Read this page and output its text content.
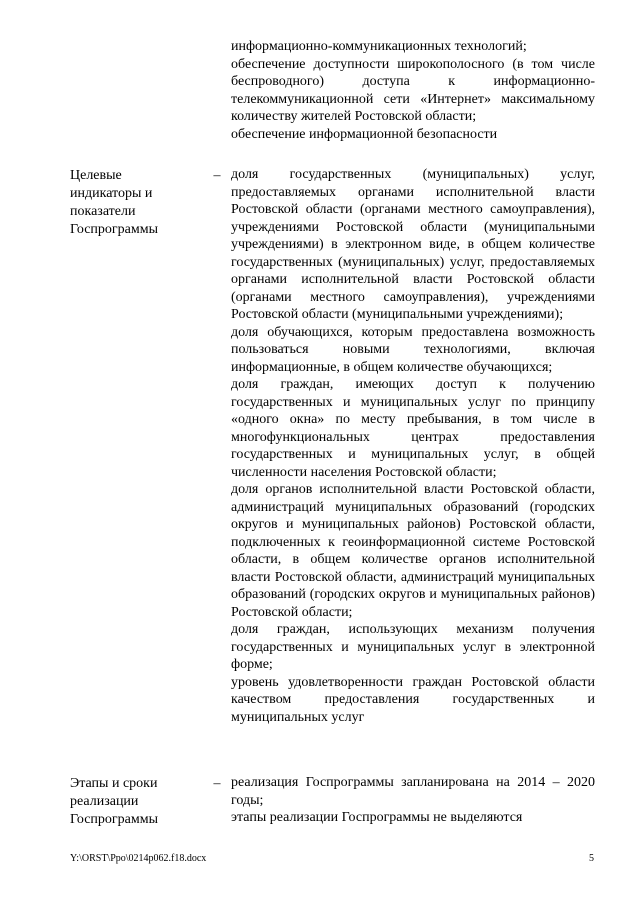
информационно-коммуникационных технологий;

обеспечение доступности широкополосного (в том числе беспроводного) доступа к информационно-телекоммуникационной сети «Интернет» максимальному количеству жителей Ростовской области;

обеспечение информационной безопасности

Целевые
индикаторы и
показатели
Госпрограммы
– доля государственных (муниципальных) услуг, предоставляемых органами исполнительной власти Ростовской области (органами местного самоуправления), учреждениями Ростовской области (муниципальными учреждениями) в электронном виде, в общем количестве государственных (муниципальных) услуг, предоставляемых органами исполнительной власти Ростовской области (органами местного самоуправления), учреждениями Ростовской области (муниципальными учреждениями);

доля обучающихся, которым предоставлена возможность пользоваться новыми технологиями, включая информационные, в общем количестве обучающихся;

доля граждан, имеющих доступ к получению государственных и муниципальных услуг по принципу «одного окна» по месту пребывания, в том числе в многофункциональных центрах предоставления государственных и муниципальных услуг, в общей численности населения Ростовской области;

доля органов исполнительной власти Ростовской области, администраций муниципальных образований (городских округов и муниципальных районов) Ростовской области, подключенных к геоинформационной системе Ростовской области, в общем количестве органов исполнительной власти Ростовской области, администраций муниципальных образований (городских округов и муниципальных районов) Ростовской области;

доля граждан, использующих механизм получения государственных и муниципальных услуг в электронной форме;

уровень удовлетворенности граждан Ростовской области качеством предоставления государственных и муниципальных услуг

Этапы и сроки
реализации
Госпрограммы
– реализация Госпрограммы запланирована на 2014 – 2020 годы;

этапы реализации Госпрограммы не выделяются

Y:\ORST\Ppo\0214p062.f18.docx	5
